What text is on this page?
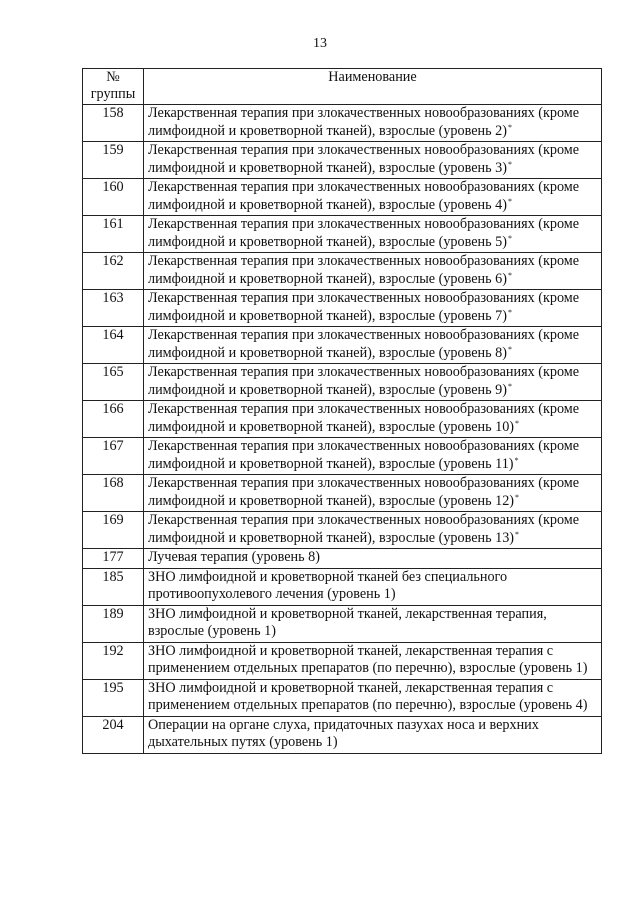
13
№ группы	Наименование
158	Лекарственная терапия при злокачественных новообразованиях (кроме лимфоидной и кроветворной тканей), взрослые (уровень 2)*
159	Лекарственная терапия при злокачественных новообразованиях (кроме лимфоидной и кроветворной тканей), взрослые (уровень 3)*
160	Лекарственная терапия при злокачественных новообразованиях (кроме лимфоидной и кроветворной тканей), взрослые (уровень 4)*
161	Лекарственная терапия при злокачественных новообразованиях (кроме лимфоидной и кроветворной тканей), взрослые (уровень 5)*
162	Лекарственная терапия при злокачественных новообразованиях (кроме лимфоидной и кроветворной тканей), взрослые (уровень 6)*
163	Лекарственная терапия при злокачественных новообразованиях (кроме лимфоидной и кроветворной тканей), взрослые (уровень 7)*
164	Лекарственная терапия при злокачественных новообразованиях (кроме лимфоидной и кроветворной тканей), взрослые (уровень 8)*
165	Лекарственная терапия при злокачественных новообразованиях (кроме лимфоидной и кроветворной тканей), взрослые (уровень 9)*
166	Лекарственная терапия при злокачественных новообразованиях (кроме лимфоидной и кроветворной тканей), взрослые (уровень 10)*
167	Лекарственная терапия при злокачественных новообразованиях (кроме лимфоидной и кроветворной тканей), взрослые (уровень 11)*
168	Лекарственная терапия при злокачественных новообразованиях (кроме лимфоидной и кроветворной тканей), взрослые (уровень 12)*
169	Лекарственная терапия при злокачественных новообразованиях (кроме лимфоидной и кроветворной тканей), взрослые (уровень 13)*
177	Лучевая терапия (уровень 8)
185	ЗНО лимфоидной и кроветворной тканей без специального противоопухолевого лечения (уровень 1)
189	ЗНО лимфоидной и кроветворной тканей, лекарственная терапия, взрослые (уровень 1)
192	ЗНО лимфоидной и кроветворной тканей, лекарственная терапия с применением отдельных препаратов (по перечню), взрослые (уровень 1)
195	ЗНО лимфоидной и кроветворной тканей, лекарственная терапия с применением отдельных препаратов (по перечню), взрослые (уровень 4)
204	Операции на органе слуха, придаточных пазухах носа и верхних дыхательных путях (уровень 1)
